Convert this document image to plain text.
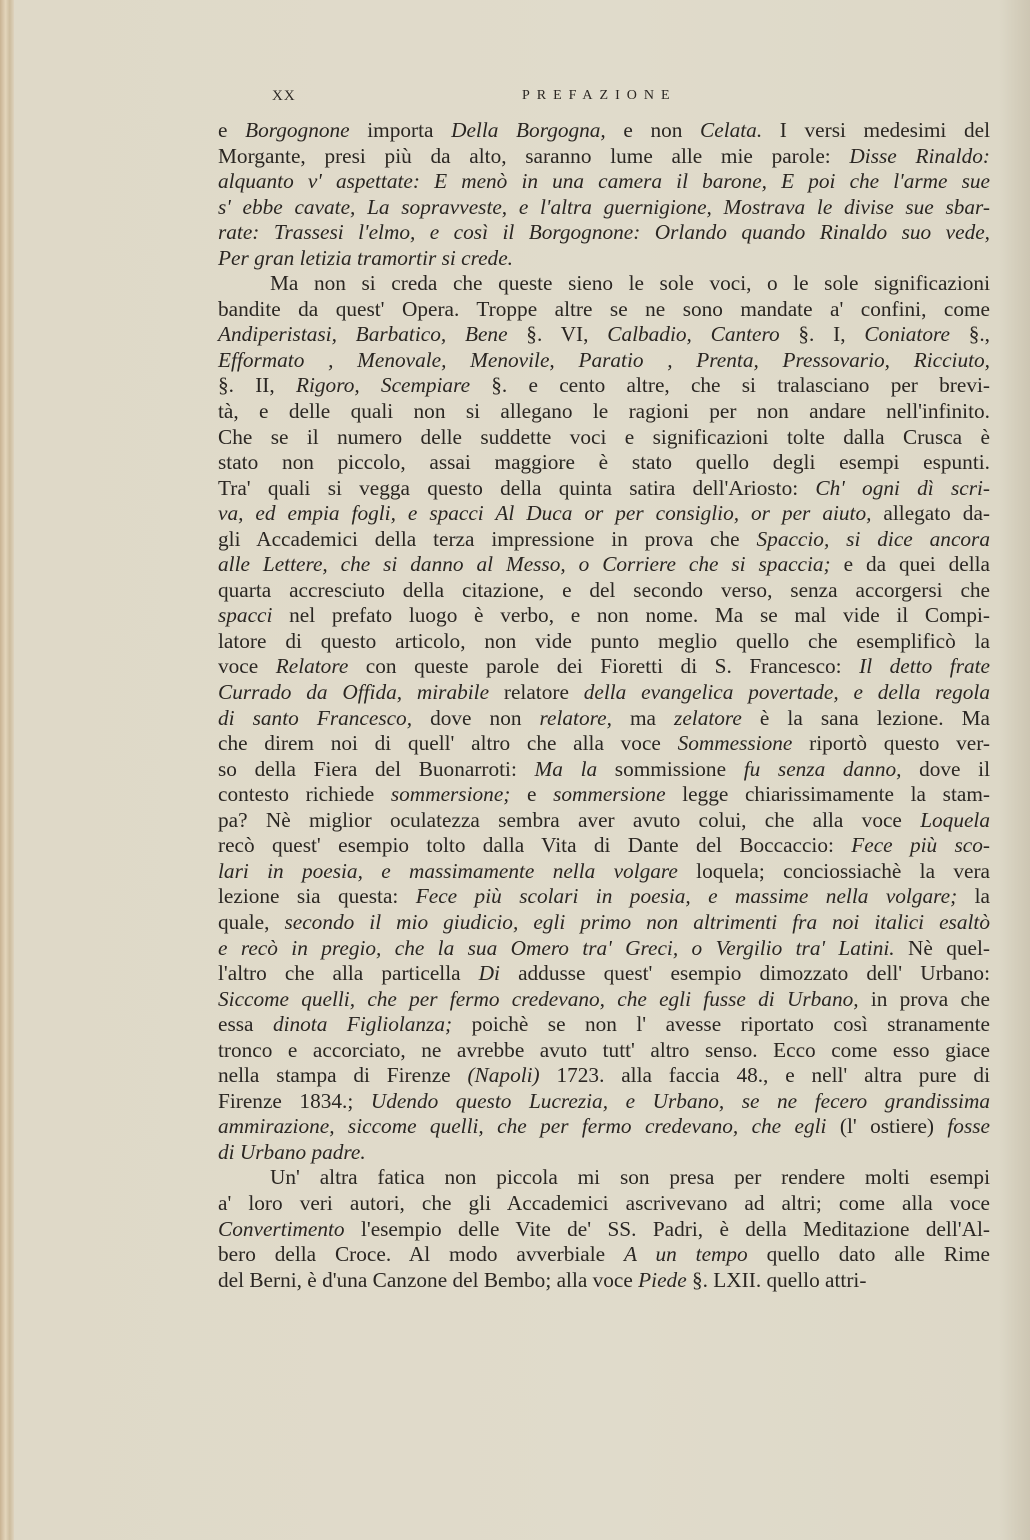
XX	PREFAZIONE
e Borgognone importa Della Borgogna, e non Celata. I versi medesimi del
Morgante, presi più da alto, saranno lume alle mie parole: Disse Rinaldo:
alquanto v' aspettate: E menò in una camera il barone, E poi che l'arme sue
s' ebbe cavate, La sopravveste, e l'altra guernigione, Mostrava le divise sue sbar-
rate: Trassesi l'elmo, e così il Borgognone: Orlando quando Rinaldo suo vede,
Per gran letizia tramortir si crede.
Ma non si creda che queste sieno le sole voci, o le sole significazioni
bandite da quest' Opera. Troppe altre se ne sono mandate a' confini, come
Andiperistasi, Barbatico, Bene §. VI, Calbadio, Cantero §. I, Coniatore §.,
Efformato , Menovale, Menovile, Paratio , Prenta, Pressovario, Ricciuto,
§. II, Rigoro, Scempiare §. e cento altre, che si tralasciano per brevi-
tà, e delle quali non si allegano le ragioni per non andare nell'infinito.
Che se il numero delle suddette voci e significazioni tolte dalla Crusca è
stato non piccolo, assai maggiore è stato quello degli esempi espunti.
Tra' quali si vegga questo della quinta satira dell'Ariosto: Ch' ogni dì scri-
va, ed empia fogli, e spacci Al Duca or per consiglio, or per aiuto, allegato da-
gli Accademici della terza impressione in prova che Spaccio, si dice ancora
alle Lettere, che si danno al Messo, o Corriere che si spaccia; e da quei della
quarta accresciuto della citazione, e del secondo verso, senza accorgersi che
spacci nel prefato luogo è verbo, e non nome. Ma se mal vide il Compi-
latore di questo articolo, non vide punto meglio quello che esemplificò la
voce Relatore con queste parole dei Fioretti di S. Francesco: Il detto frate
Currado da Offida, mirabile relatore della evangelica povertade, e della regola
di santo Francesco, dove non relatore, ma zelatore è la sana lezione. Ma
che direm noi di quell' altro che alla voce Sommessione riportò questo ver-
so della Fiera del Buonarroti: Ma la sommissione fu senza danno, dove il
contesto richiede sommersione; e sommersione legge chiarissimamente la stam-
pa? Nè miglior oculatezza sembra aver avuto colui, che alla voce Loquela
recò quest' esempio tolto dalla Vita di Dante del Boccaccio: Fece più sco-
lari in poesia, e massimamente nella volgare loquela; conciossiachè la vera
lezione sia questa: Fece più scolari in poesia, e massime nella volgare; la
quale, secondo il mio giudicio, egli primo non altrimenti fra noi italici esaltò
e recò in pregio, che la sua Omero tra' Greci, o Vergilio tra' Latini. Nè quel-
l'altro che alla particella Di addusse quest' esempio dimozzato dell' Urbano:
Siccome quelli, che per fermo credevano, che egli fusse di Urbano, in prova che
essa dinota Figliolanza; poichè se non l' avesse riportato così stranamente
tronco e accorciato, ne avrebbe avuto tutt' altro senso. Ecco come esso giace
nella stampa di Firenze (Napoli) 1723. alla faccia 48., e nell' altra pure di
Firenze 1834.; Udendo questo Lucrezia, e Urbano, se ne fecero grandissima
ammirazione, siccome quelli, che per fermo credevano, che egli (l' ostiere) fosse
di Urbano padre.
Un' altra fatica non piccola mi son presa per rendere molti esempi
a' loro veri autori, che gli Accademici ascrivevano ad altri; come alla voce
Convertimento l'esempio delle Vite de' SS. Padri, è della Meditazione dell'Al-
bero della Croce. Al modo avverbiale A un tempo quello dato alle Rime
del Berni, è d'una Canzone del Bembo; alla voce Piede §. LXII. quello attri-
